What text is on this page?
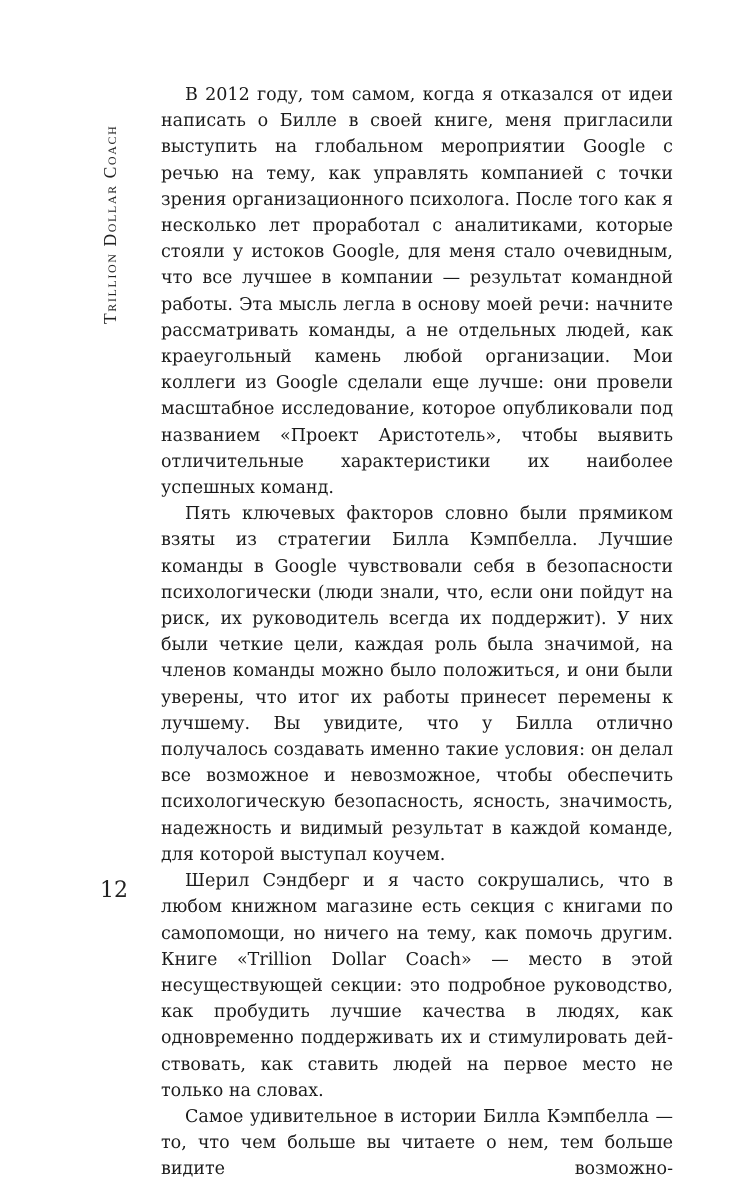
Trillion Dollar Coach

В 2012 году, том самом, когда я отказался от идеи написать о Билле в своей книге, меня пригласили выступить на глобальном мероприятии Google с речью на тему, как управлять компанией с точки зрения организационного психолога. После того как я несколько лет проработал с аналитиками, которые стояли у истоков Google, для меня стало очевидным, что все лучшее в компании — результат командной работы. Эта мысль легла в основу моей речи: начните рассматривать команды, а не отдельных людей, как краеугольный камень любой организации. Мои коллеги из Google сделали еще лучше: они провели масштабное исследование, которое опубликовали под названием «Проект Аристотель», чтобы выявить отличительные характеристики их наиболее успешных команд.

Пять ключевых факторов словно были прямиком взяты из стратегии Билла Кэмпбелла. Лучшие команды в Google чувствовали себя в безопасности психологически (люди знали, что, если они пойдут на риск, их руководитель всегда их поддержит). У них были четкие цели, каждая роль была значимой, на членов команды можно было положиться, и они были уверены, что итог их работы принесет перемены к лучшему. Вы увидите, что у Билла отлично получалось создавать именно такие условия: он делал все возможное и невозможное, чтобы обеспечить психологическую безопасность, ясность, значимость, надежность и видимый результат в каждой команде, для которой выступал коучем.

Шерил Сэндберг и я часто сокрушались, что в любом книжном магазине есть секция с книгами по самопомощи, но ничего на тему, как помочь другим. Книге «Trillion Dollar Coach» — место в этой несуществующей секции: это подробное руководство, как пробудить лучшие качества в людях, как одновременно поддерживать их и стимулировать действовать, как ставить людей на первое место не только на словах.

Самое удивительное в истории Билла Кэмпбелла — то, что чем больше вы читаете о нем, тем больше видите возможно-

12
